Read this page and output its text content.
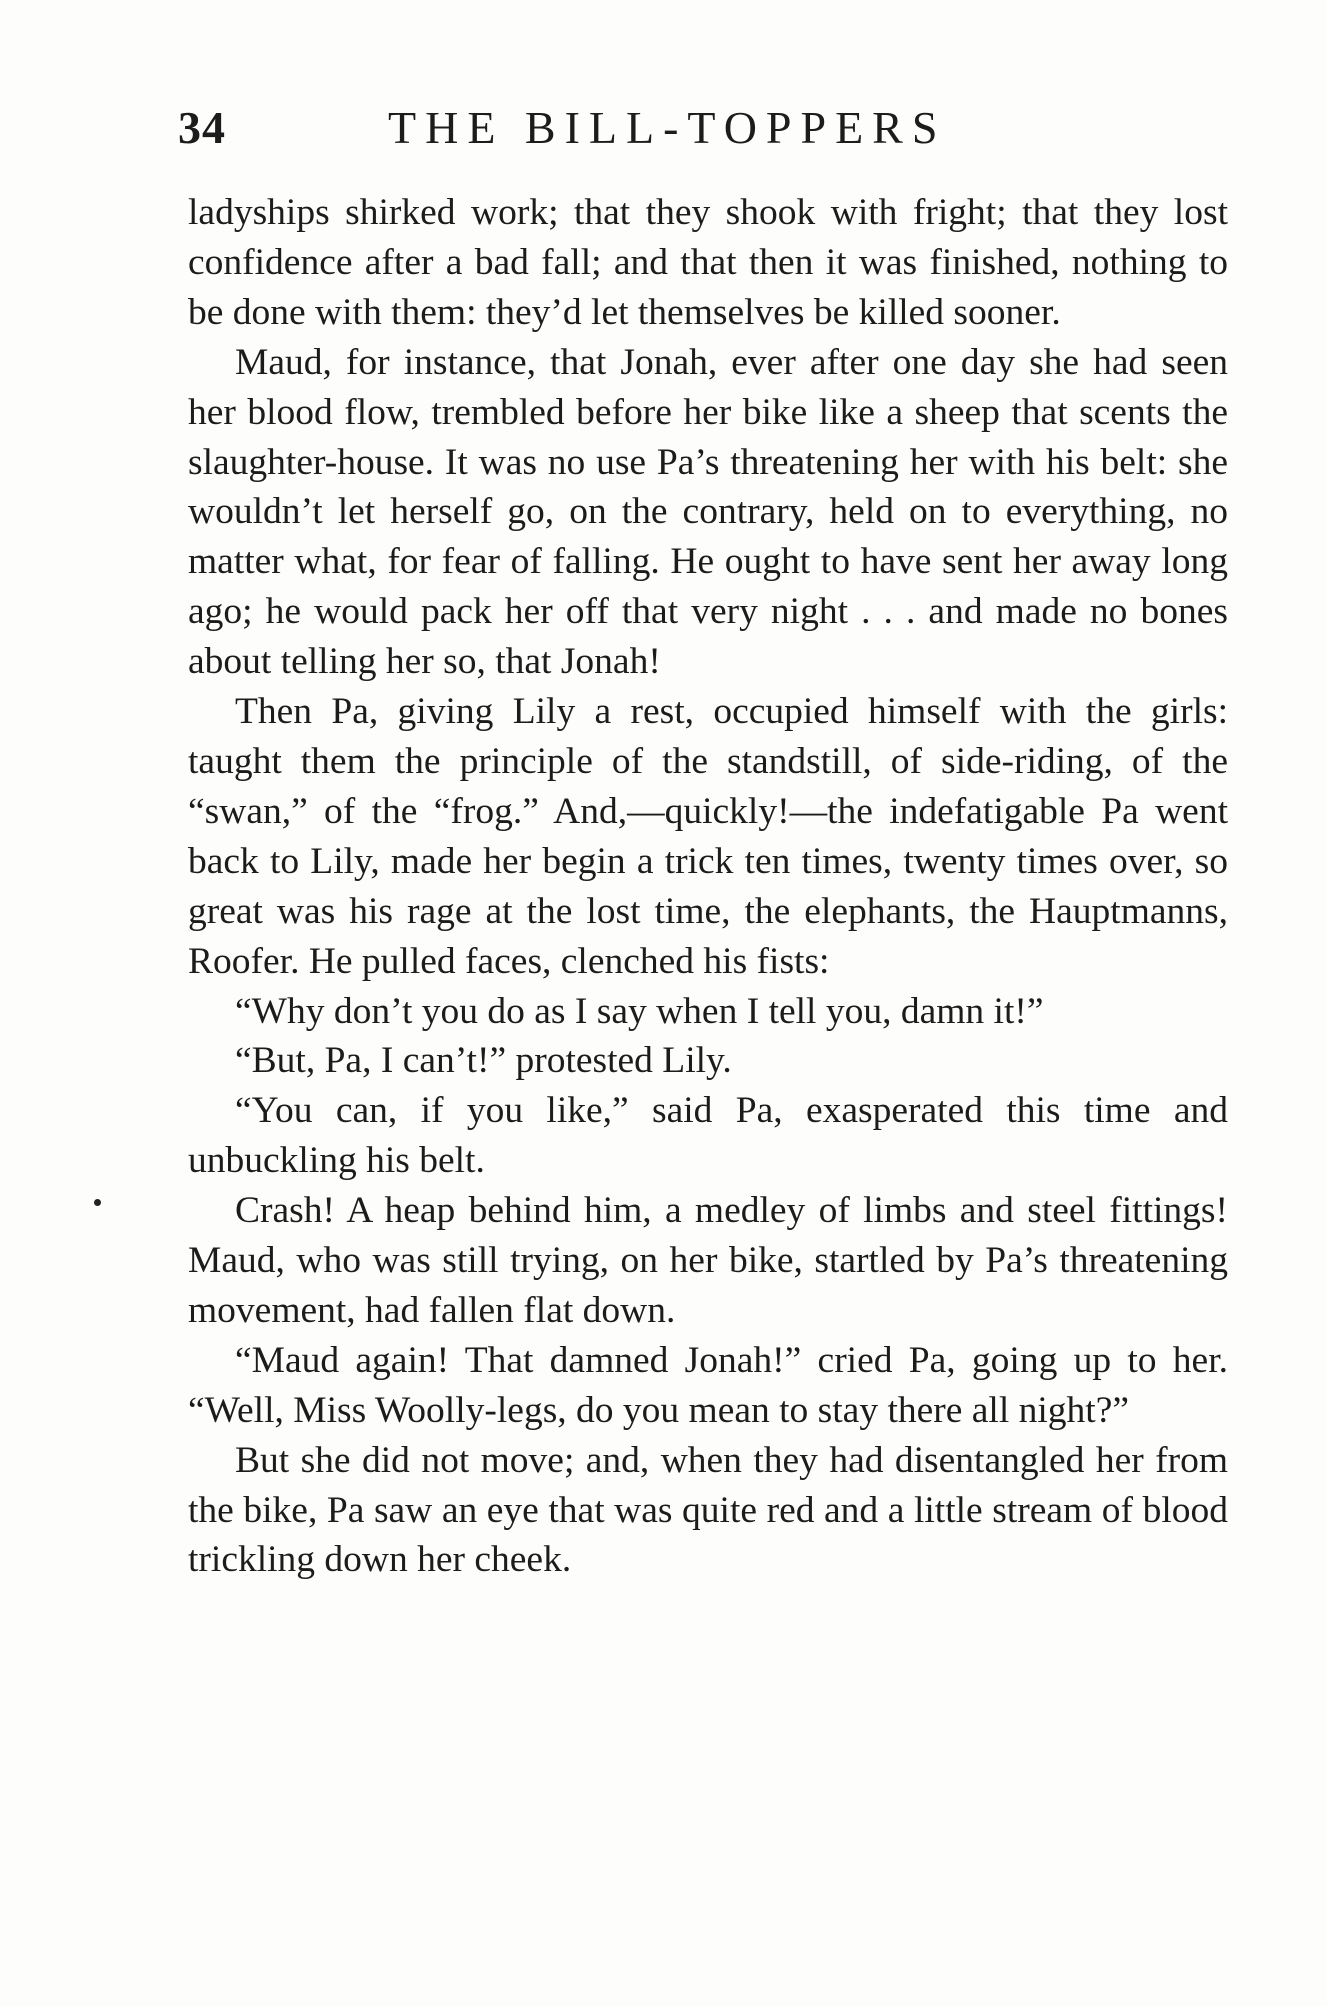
34	THE BILL-TOPPERS

ladyships shirked work; that they shook with fright; that they lost confidence after a bad fall; and that then it was finished, nothing to be done with them: they’d let themselves be killed sooner.

Maud, for instance, that Jonah, ever after one day she had seen her blood flow, trembled before her bike like a sheep that scents the slaughter-house. It was no use Pa’s threatening her with his belt: she wouldn’t let herself go, on the contrary, held on to everything, no matter what, for fear of falling. He ought to have sent her away long ago; he would pack her off that very night . . . and made no bones about telling her so, that Jonah!

Then Pa, giving Lily a rest, occupied himself with the girls: taught them the principle of the standstill, of side-riding, of the “swan,” of the “frog.” And,—quickly!—the indefatigable Pa went back to Lily, made her begin a trick ten times, twenty times over, so great was his rage at the lost time, the elephants, the Hauptmanns, Roofer. He pulled faces, clenched his fists:

“Why don’t you do as I say when I tell you, damn it!”

“But, Pa, I can’t!” protested Lily.

“You can, if you like,” said Pa, exasperated this time and unbuckling his belt.

Crash! A heap behind him, a medley of limbs and steel fittings! Maud, who was still trying, on her bike, startled by Pa’s threatening movement, had fallen flat down.

“Maud again! That damned Jonah!” cried Pa, going up to her. “Well, Miss Woolly-legs, do you mean to stay there all night?”

But she did not move; and, when they had disentangled her from the bike, Pa saw an eye that was quite red and a little stream of blood trickling down her cheek.
